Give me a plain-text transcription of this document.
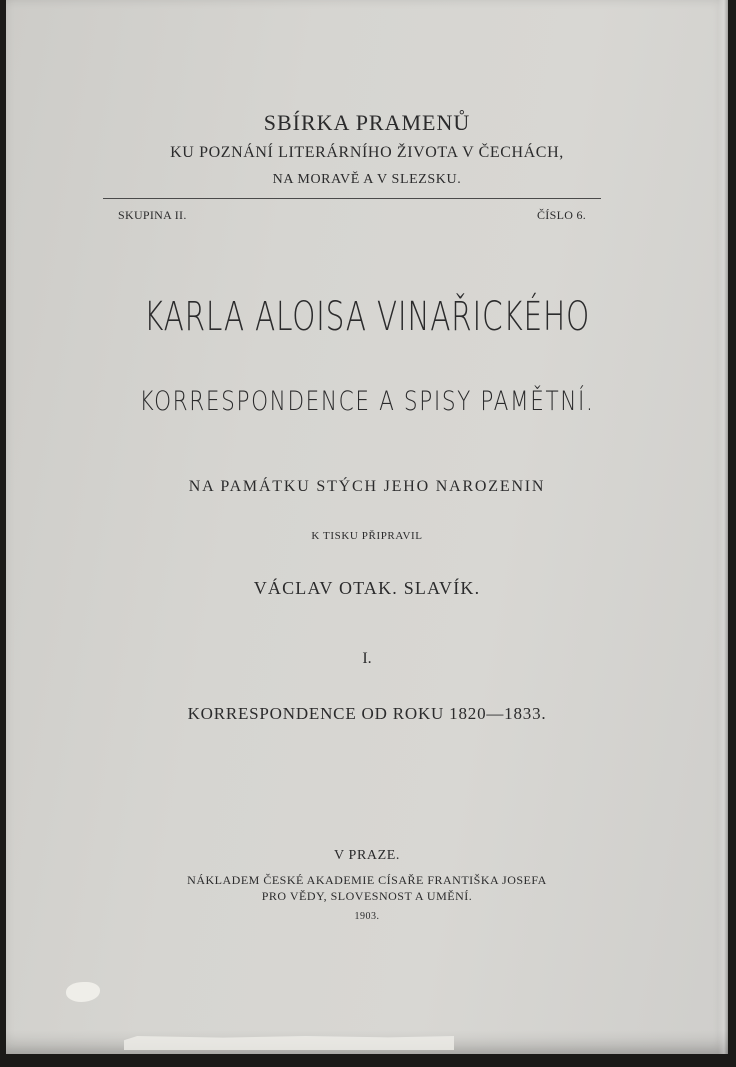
SBÍRKA PRAMENŮ
KU POZNÁNÍ LITERÁRNÍHO ŽIVOTA V ČECHÁCH,
NA MORAVĚ A V SLEZSKU.
SKUPINA II.	ČÍSLO 6.
KARLA ALOISA VINAŘICKÉHO
KORRESPONDENCE A SPISY PAMĚTNÍ.
NA PAMÁTKU STÝCH JEHO NAROZENIN
K TISKU PŘIPRAVIL
VÁCLAV OTAK. SLAVÍK.
I.
KORRESPONDENCE OD ROKU 1820—1833.
V PRAZE.
NÁKLADEM ČESKÉ AKADEMIE CÍSAŘE FRANTIŠKA JOSEFA
PRO VĚDY, SLOVESNOST A UMĚNÍ.
1903.
